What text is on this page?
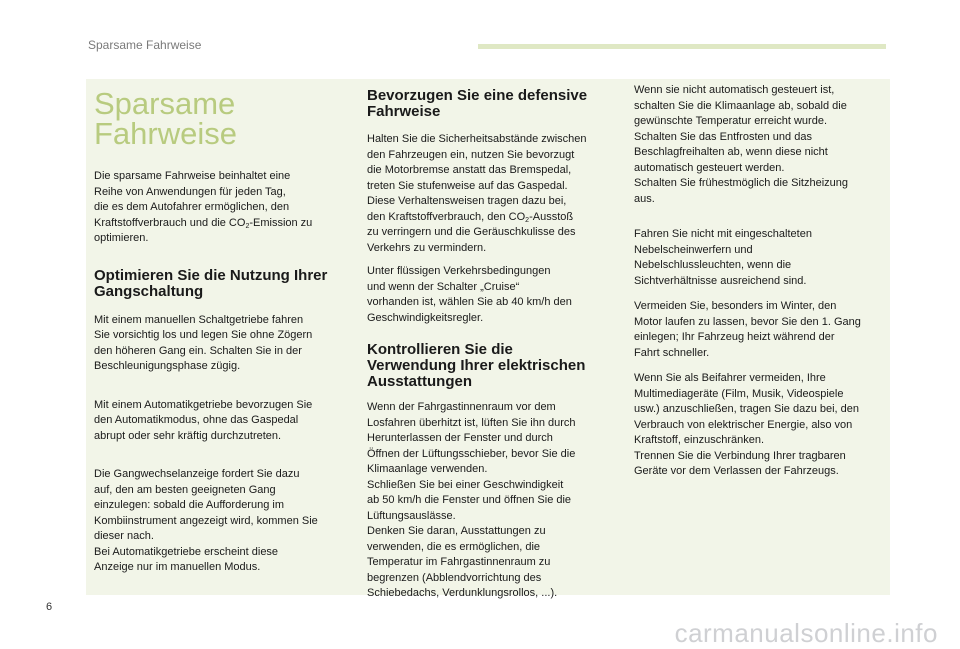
Sparsame Fahrweise
Sparsame
Fahrweise

Die sparsame Fahrweise beinhaltet eine
Reihe von Anwendungen für jeden Tag,
die es dem Autofahrer ermöglichen, den
Kraftstoffverbrauch und die $CO_2$-Emission zu
optimieren.

Optimieren Sie die Nutzung Ihrer
Gangschaltung

Mit einem manuellen Schaltgetriebe fahren
Sie vorsichtig los und legen Sie ohne Zögern
den höheren Gang ein. Schalten Sie in der
Beschleunigungsphase zügig.

Mit einem Automatikgetriebe bevorzugen Sie
den Automatikmodus, ohne das Gaspedal
abrupt oder sehr kräftig durchzutreten.

Die Gangwechselanzeige fordert Sie dazu
auf, den am besten geeigneten Gang
einzulegen: sobald die Aufforderung im
Kombiinstrument angezeigt wird, kommen Sie
dieser nach.
Bei Automatikgetriebe erscheint diese
Anzeige nur im manuellen Modus.

Bevorzugen Sie eine defensive
Fahrweise

Halten Sie die Sicherheitsabstände zwischen
den Fahrzeugen ein, nutzen Sie bevorzugt
die Motorbremse anstatt das Bremspedal,
treten Sie stufenweise auf das Gaspedal.
Diese Verhaltensweisen tragen dazu bei,
den Kraftstoffverbrauch, den $CO_2$-Ausstoß
zu verringern und die Geräuschkulisse des
Verkehrs zu vermindern.

Unter flüssigen Verkehrsbedingungen
und wenn der Schalter „Cruise“
vorhanden ist, wählen Sie ab 40 km/h den
Geschwindigkeitsregler.

Kontrollieren Sie die
Verwendung Ihrer elektrischen
Ausstattungen

Wenn der Fahrgastinnenraum vor dem
Losfahren überhitzt ist, lüften Sie ihn durch
Herunterlassen der Fenster und durch
Öffnen der Lüftungsschieber, bevor Sie die
Klimaanlage verwenden.
Schließen Sie bei einer Geschwindigkeit
ab 50 km/h die Fenster und öffnen Sie die
Lüftungsauslässe.
Denken Sie daran, Ausstattungen zu
verwenden, die es ermöglichen, die
Temperatur im Fahrgastinnenraum zu
begrenzen (Abblendvorrichtung des
Schiebedachs, Verdunklungsrollos, ...).

Wenn sie nicht automatisch gesteuert ist,
schalten Sie die Klimaanlage ab, sobald die
gewünschte Temperatur erreicht wurde.
Schalten Sie das Entfrosten und das
Beschlagfreihalten ab, wenn diese nicht
automatisch gesteuert werden.
Schalten Sie frühestmöglich die Sitzheizung
aus.

Fahren Sie nicht mit eingeschalteten
Nebelscheinwerfern und
Nebelschlussleuchten, wenn die
Sichtverhältnisse ausreichend sind.

Vermeiden Sie, besonders im Winter, den
Motor laufen zu lassen, bevor Sie den 1. Gang
einlegen; Ihr Fahrzeug heizt während der
Fahrt schneller.

Wenn Sie als Beifahrer vermeiden, Ihre
Multimediageräte (Film, Musik, Videospiele
usw.) anzuschließen, tragen Sie dazu bei, den
Verbrauch von elektrischer Energie, also von
Kraftstoff, einzuschränken.
Trennen Sie die Verbindung Ihrer tragbaren
Geräte vor dem Verlassen der Fahrzeugs.

6
carmanualsonline.info
